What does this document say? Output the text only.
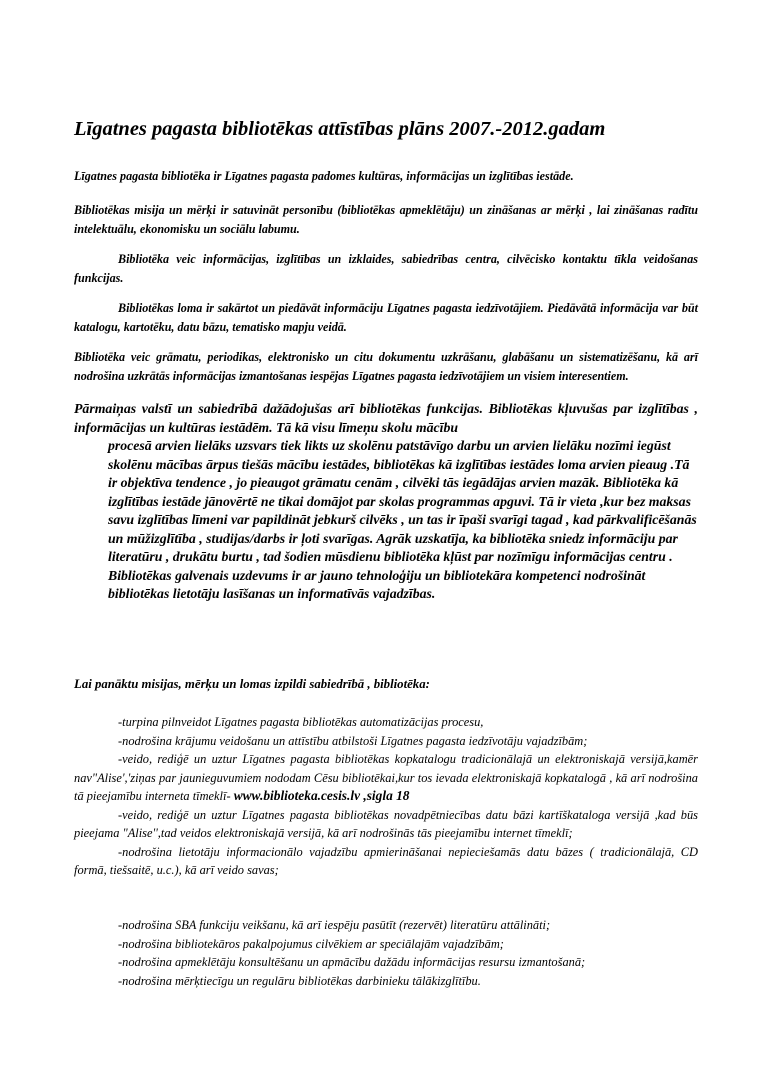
Līgatnes pagasta bibliotēkas attīstības plāns 2007.-2012.gadam

Līgatnes pagasta bibliotēka ir Līgatnes pagasta padomes kultūras, informācijas un izglītības iestāde.

Bibliotēkas misija un mērķi ir satuvināt personību (bibliotēkas apmeklētāju) un zināšanas ar mērķi , lai zināšanas radītu intelektuālu, ekonomisku un sociālu labumu.

Bibliotēka veic informācijas, izglītības un izklaides, sabiedrības centra, cilvēcisko kontaktu tīkla veidošanas funkcijas.

Bibliotēkas loma ir sakārtot un piedāvāt informāciju Līgatnes pagasta iedzīvotājiem. Piedāvātā informācija var būt katalogu, kartotēku, datu bāzu, tematisko mapju veidā.

Bibliotēka veic grāmatu, periodikas, elektronisko un citu dokumentu uzkrāšanu, glabāšanu un sistematizēšanu, kā arī nodrošina uzkrātās informācijas izmantošanas iespējas Līgatnes pagasta iedzīvotājiem un visiem interesentiem.

Pārmaiņas valstī un sabiedrībā dažādojušas arī bibliotēkas funkcijas. Bibliotēkas kļuvušas par izglītības , informācijas un kultūras iestādēm. Tā kā visu līmeņu skolu mācību
procesā arvien lielāks uzsvars tiek likts uz skolēnu patstāvīgo darbu un arvien lielāku nozīmi iegūst skolēnu mācības ārpus tiešās mācību iestādes, bibliotēkas kā izglītības iestādes loma arvien pieaug .Tā ir objektīva tendence , jo pieaugot grāmatu cenām , cilvēki tās iegādājas arvien mazāk. Bibliotēka kā izglītības iestāde jānovērtē ne tikai domājot par skolas programmas apguvi. Tā ir vieta ,kur bez maksas savu izglītības līmeni var papildināt jebkurš cilvēks , un tas ir īpaši svarīgi tagad , kad pārkvalificēšanās un mūžizglītība , studijas/darbs ir ļoti svarīgas. Agrāk uzskatīja, ka bibliotēka sniedz informāciju par literatūru , drukātu burtu , tad šodien mūsdienu bibliotēka kļūst par nozīmīgu informācijas centru . Bibliotēkas galvenais uzdevums ir ar jauno tehnoloģiju un bibliotekāra kompetenci nodrošināt bibliotēkas lietotāju lasīšanas un informatīvās vajadzības.

Lai panāktu misijas, mērķu un lomas izpildi sabiedrībā , bibliotēka:

-turpina pilnveidot Līgatnes pagasta bibliotēkas automatizācijas procesu,

-nodrošina krājumu veidošanu un attīstību atbilstoši Līgatnes pagasta iedzīvotāju vajadzībām;

-veido, rediģē un uztur Līgatnes pagasta bibliotēkas kopkatalogu tradicionālajā un elektroniskajā versijā,kamēr nav"Alise','ziņas par jaunieguvumiem nododam Cēsu bibliotēkai,kur tos ievada elektroniskajā kopkatalogā , kā arī nodrošina tā pieejamību interneta tīmeklī- www.biblioteka.cesis.lv ,sigla 18

-veido, rediģē un uztur Līgatnes pagasta bibliotēkas novadpētniecības datu bāzi kartīškataloga versijā ,kad būs pieejama "Alise'',tad veidos elektroniskajā versijā, kā arī nodrošinās tās pieejamību internet tīmeklī;

-nodrošina lietotāju informacionālo vajadzību apmierināšanai nepieciešamās datu bāzes ( tradicionālajā, CD formā, tiešsaitē, u.c.), kā arī veido savas;

-nodrošina SBA funkciju veikšanu, kā arī iespēju pasūtīt (rezervēt) literatūru attālināti;

-nodrošina bibliotekāros pakalpojumus cilvēkiem ar speciālajām vajadzībām;

-nodrošina apmeklētāju konsultēšanu un apmācību dažādu informācijas resursu izmantošanā;

-nodrošina mērķtiecīgu un regulāru bibliotēkas darbinieku tālākizglītību.
